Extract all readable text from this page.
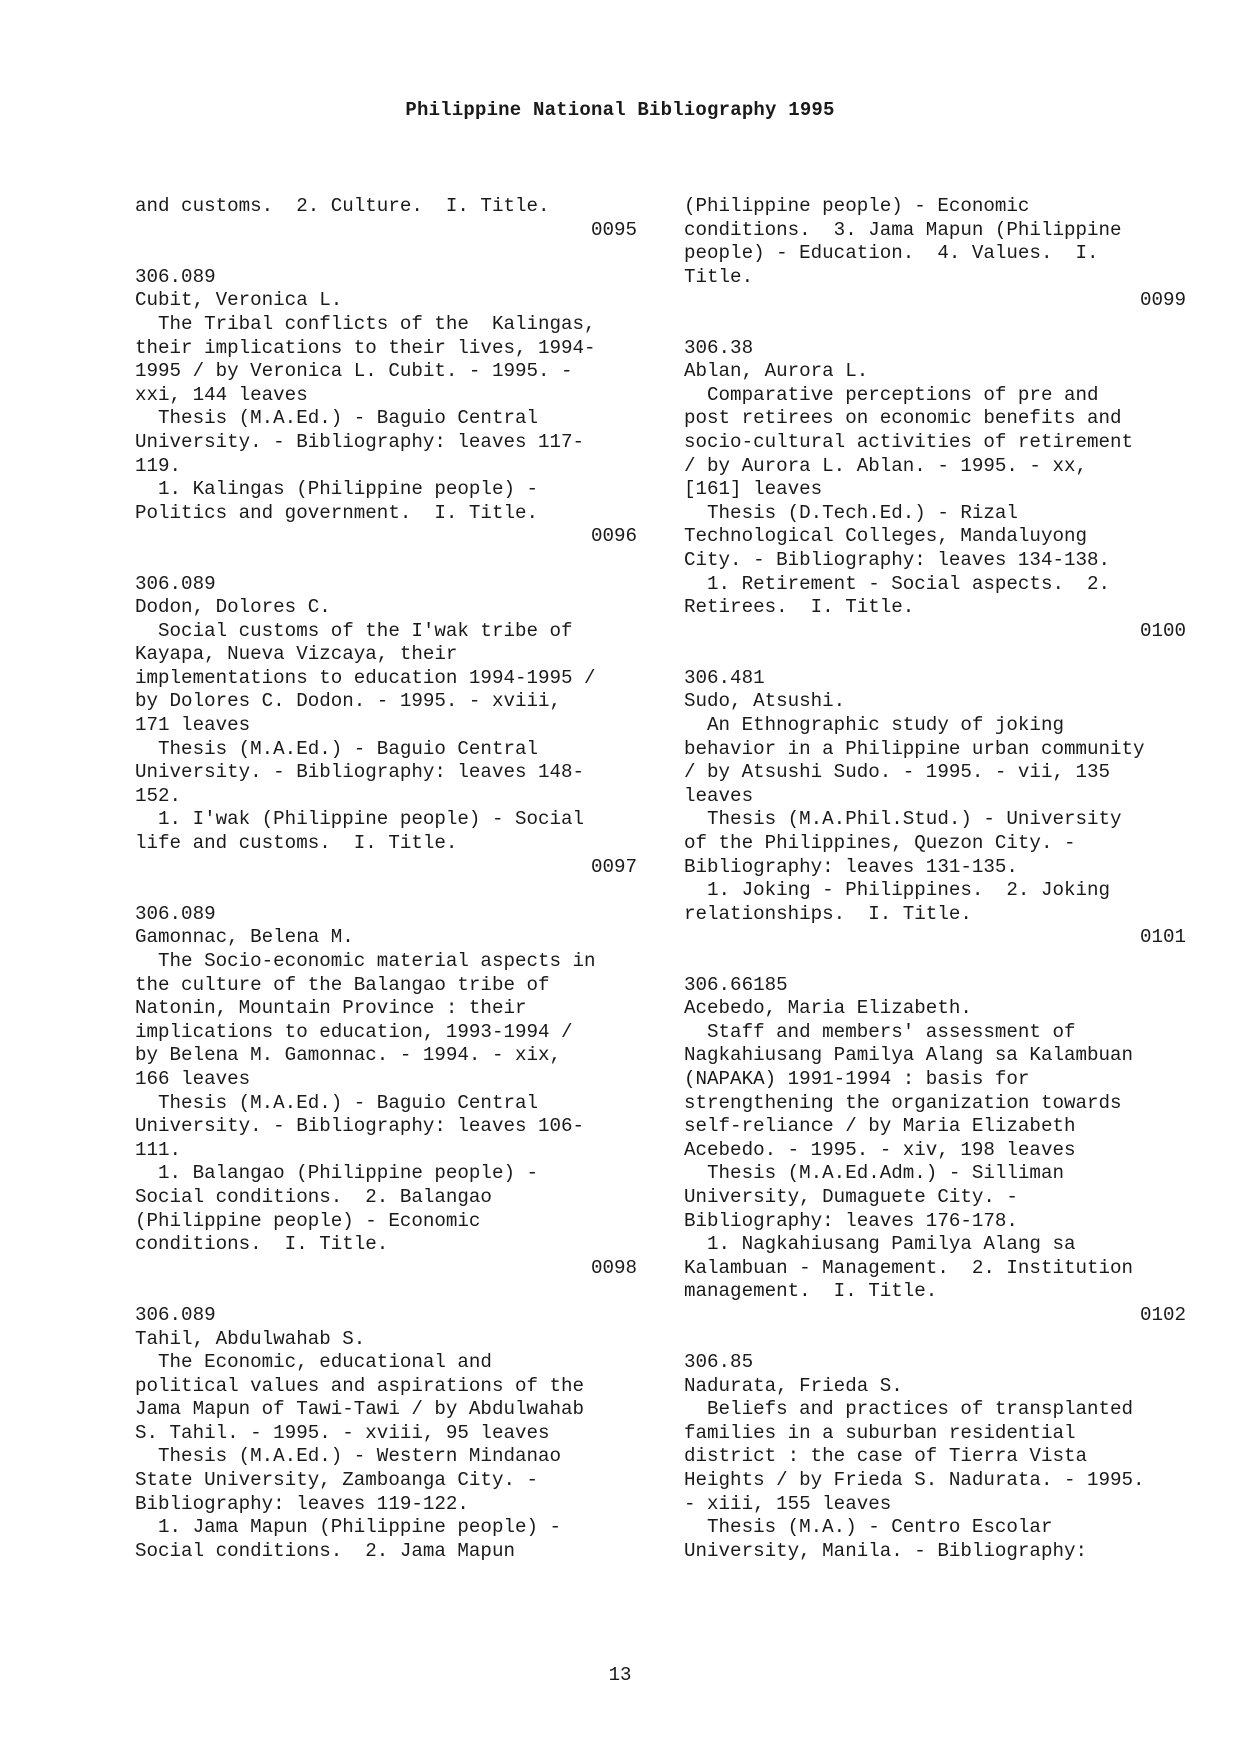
Philippine National Bibliography 1995
and customs.  2. Culture.  I. Title.
0095
306.089
Cubit, Veronica L.
The Tribal conflicts of the  Kalingas,
their implications to their lives, 1994-
1995 / by Veronica L. Cubit. - 1995. -
xxi, 144 leaves
Thesis (M.A.Ed.) - Baguio Central
University. - Bibliography: leaves 117-
119.
1. Kalingas (Philippine people) -
Politics and government.  I. Title.
0096
306.089
Dodon, Dolores C.
Social customs of the I'wak tribe of
Kayapa, Nueva Vizcaya, their
implementations to education 1994-1995 /
by Dolores C. Dodon. - 1995. - xviii,
171 leaves
Thesis (M.A.Ed.) - Baguio Central
University. - Bibliography: leaves 148-
152.
1. I'wak (Philippine people) - Social
life and customs.  I. Title.
0097
306.089
Gamonnac, Belena M.
The Socio-economic material aspects in
the culture of the Balangao tribe of
Natonin, Mountain Province : their
implications to education, 1993-1994 /
by Belena M. Gamonnac. - 1994. - xix,
166 leaves
Thesis (M.A.Ed.) - Baguio Central
University. - Bibliography: leaves 106-
111.
1. Balangao (Philippine people) -
Social conditions.  2. Balangao
(Philippine people) - Economic
conditions.  I. Title.
0098
306.089
Tahil, Abdulwahab S.
The Economic, educational and
political values and aspirations of the
Jama Mapun of Tawi-Tawi / by Abdulwahab
S. Tahil. - 1995. - xviii, 95 leaves
Thesis (M.A.Ed.) - Western Mindanao
State University, Zamboanga City. -
Bibliography: leaves 119-122.
1. Jama Mapun (Philippine people) -
Social conditions.  2. Jama Mapun
(Philippine people) - Economic
conditions.  3. Jama Mapun (Philippine
people) - Education.  4. Values.  I.
Title.
0099
306.38
Ablan, Aurora L.
Comparative perceptions of pre and
post retirees on economic benefits and
socio-cultural activities of retirement
/ by Aurora L. Ablan. - 1995. - xx,
[161] leaves
Thesis (D.Tech.Ed.) - Rizal
Technological Colleges, Mandaluyong
City. - Bibliography: leaves 134-138.
1. Retirement - Social aspects.  2.
Retirees.  I. Title.
0100
306.481
Sudo, Atsushi.
An Ethnographic study of joking
behavior in a Philippine urban community
/ by Atsushi Sudo. - 1995. - vii, 135
leaves
Thesis (M.A.Phil.Stud.) - University
of the Philippines, Quezon City. -
Bibliography: leaves 131-135.
1. Joking - Philippines.  2. Joking
relationships.  I. Title.
0101
306.66185
Acebedo, Maria Elizabeth.
Staff and members' assessment of
Nagkahiusang Pamilya Alang sa Kalambuan
(NAPAKA) 1991-1994 : basis for
strengthening the organization towards
self-reliance / by Maria Elizabeth
Acebedo. - 1995. - xiv, 198 leaves
Thesis (M.A.Ed.Adm.) - Silliman
University, Dumaguete City. -
Bibliography: leaves 176-178.
1. Nagkahiusang Pamilya Alang sa
Kalambuan - Management.  2. Institution
management.  I. Title.
0102
306.85
Nadurata, Frieda S.
Beliefs and practices of transplanted
families in a suburban residential
district : the case of Tierra Vista
Heights / by Frieda S. Nadurata. - 1995.
- xiii, 155 leaves
Thesis (M.A.) - Centro Escolar
University, Manila. - Bibliography:
13
